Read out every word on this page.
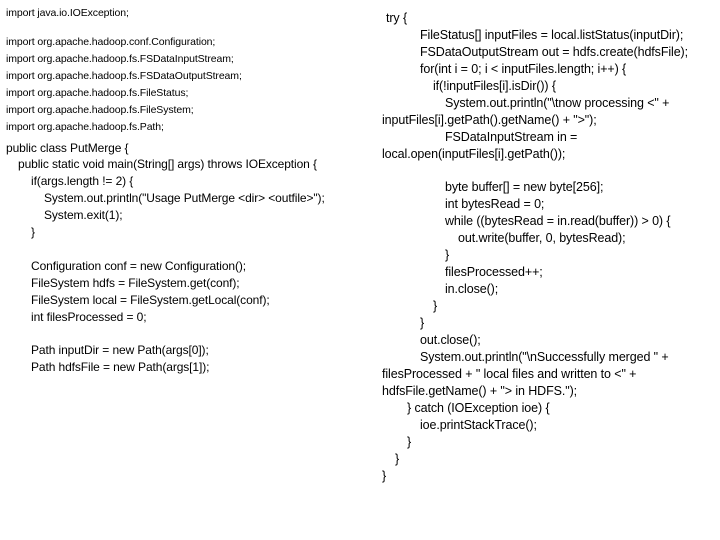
import java.io.IOException;
import org.apache.hadoop.conf.Configuration;
import org.apache.hadoop.fs.FSDataInputStream;
import org.apache.hadoop.fs.FSDataOutputStream;
import org.apache.hadoop.fs.FileStatus;
import org.apache.hadoop.fs.FileSystem;
import org.apache.hadoop.fs.Path;
public class PutMerge {
public static void main(String[] args) throws IOException {
if(args.length != 2) {
System.out.println("Usage PutMerge <dir> <outfile>");
System.exit(1);
}
Configuration conf = new Configuration();
FileSystem hdfs = FileSystem.get(conf);
FileSystem local = FileSystem.getLocal(conf);
int filesProcessed = 0;
Path inputDir = new Path(args[0]);
Path hdfsFile = new Path(args[1]);
try {
FileStatus[] inputFiles = local.listStatus(inputDir);
FSDataOutputStream out = hdfs.create(hdfsFile);
for(int i = 0; i < inputFiles.length; i++) {
if(!inputFiles[i].isDir()) {
System.out.println("\tnow processing <" +
inputFiles[i].getPath().getName() + ">");
FSDataInputStream in =
local.open(inputFiles[i].getPath());
byte buffer[] = new byte[256];
int bytesRead = 0;
while ((bytesRead = in.read(buffer)) > 0) {
out.write(buffer, 0, bytesRead);
}
filesProcessed++;
in.close();
}
}
out.close();
System.out.println("\nSuccessfully merged " +
filesProcessed + " local files and written to <" +
hdfsFile.getName() + "> in HDFS.");
} catch (IOException ioe) {
ioe.printStackTrace();
}
}
}
